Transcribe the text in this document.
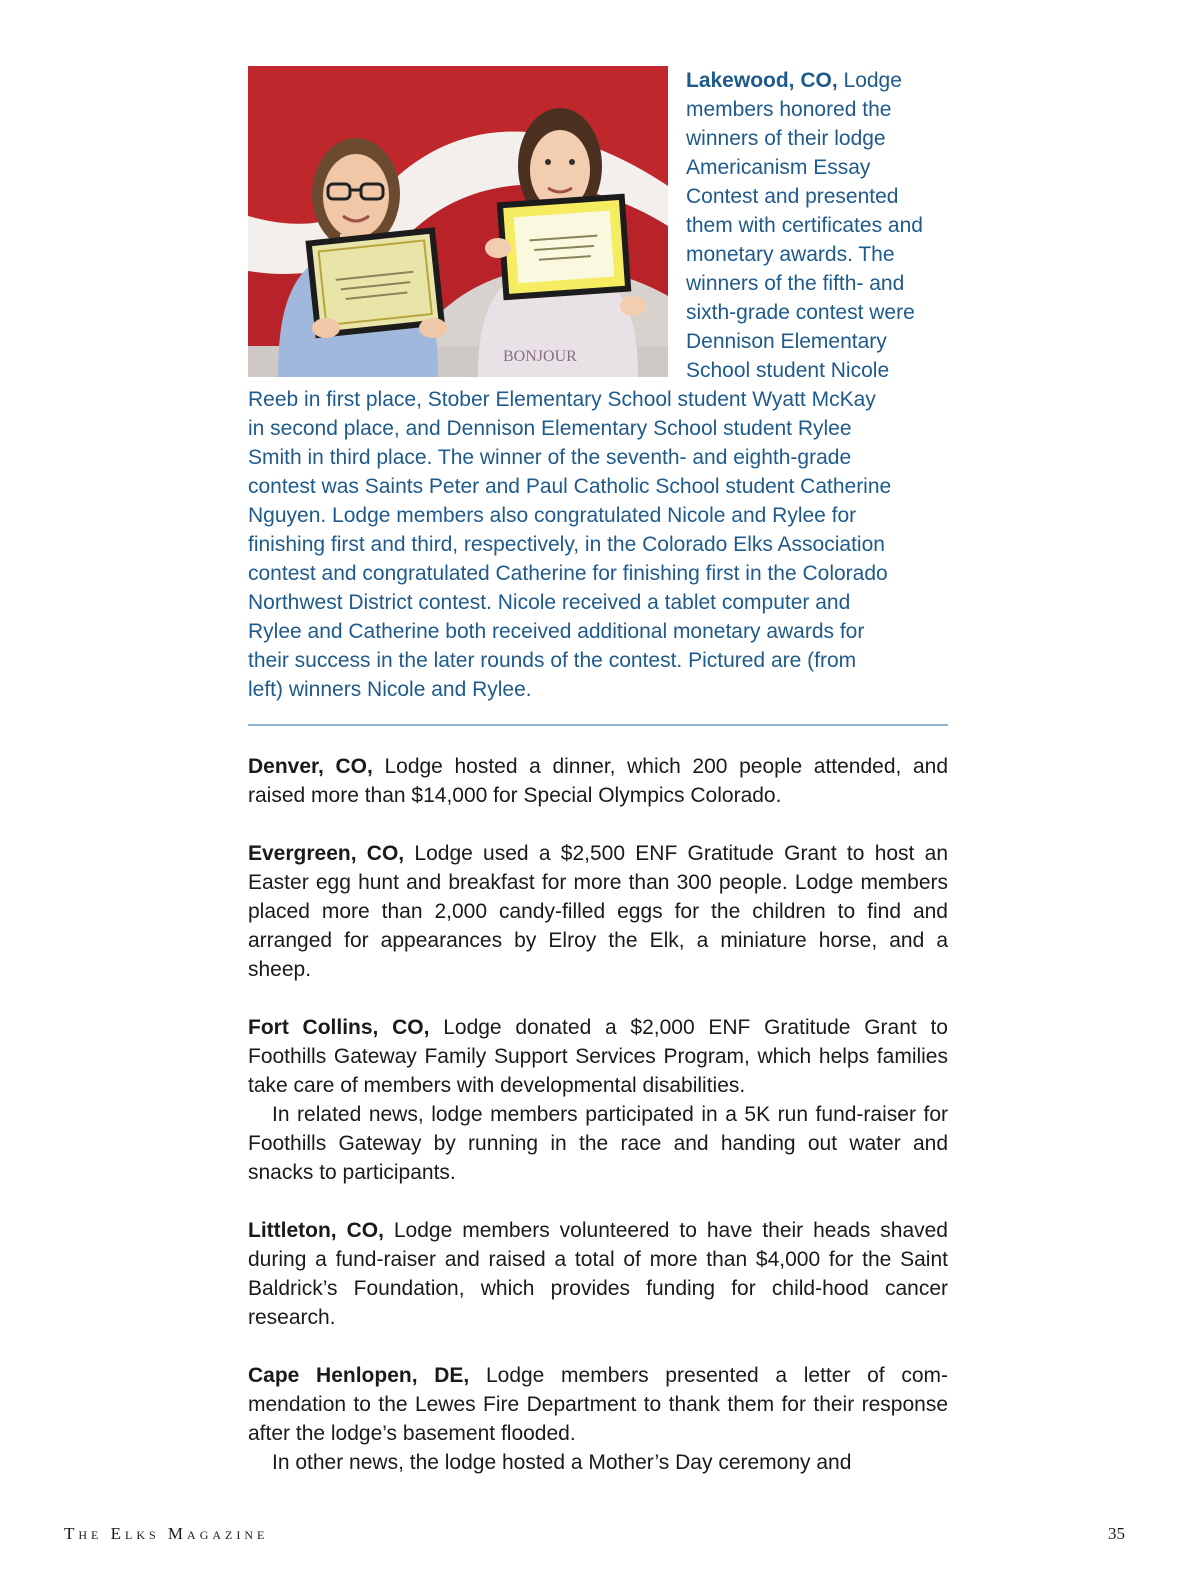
BONJOUR

Lakewood, CO, Lodge
members honored the
winners of their lodge
Americanism Essay
Contest and presented
them with certificates and
monetary awards. The
winners of the fifth- and
sixth-grade contest were
Dennison Elementary
School student Nicole
Reeb in first place, Stober Elementary School student Wyatt McKay
in second place, and Dennison Elementary School student Rylee
Smith in third place. The winner of the seventh- and eighth-grade
contest was Saints Peter and Paul Catholic School student Catherine
Nguyen. Lodge members also congratulated Nicole and Rylee for
finishing first and third, respectively, in the Colorado Elks Association
contest and congratulated Catherine for finishing first in the Colorado
Northwest District contest. Nicole received a tablet computer and
Rylee and Catherine both received additional monetary awards for
their success in the later rounds of the contest. Pictured are (from
left) winners Nicole and Rylee.

Denver, CO, Lodge hosted a dinner, which 200 people attended, and raised more than $14,000 for Special Olympics Colorado.

Evergreen, CO, Lodge used a $2,500 ENF Gratitude Grant to host an Easter egg hunt and breakfast for more than 300 people. Lodge members placed more than 2,000 candy-filled eggs for the children to find and arranged for appearances by Elroy the Elk, a miniature horse, and a sheep.

Fort Collins, CO, Lodge donated a $2,000 ENF Gratitude Grant to Foothills Gateway Family Support Services Program, which helps families take care of members with developmental disabilities.
In related news, lodge members participated in a 5K run fund-raiser for Foothills Gateway by running in the race and handing out water and snacks to participants.

Littleton, CO, Lodge members volunteered to have their heads shaved during a fund-raiser and raised a total of more than $4,000 for the Saint Baldrick’s Foundation, which provides funding for child-hood cancer research.

Cape Henlopen, DE, Lodge members presented a letter of com-mendation to the Lewes Fire Department to thank them for their response after the lodge’s basement flooded.
In other news, the lodge hosted a Mother’s Day ceremony and

The Elks Magazine	35
